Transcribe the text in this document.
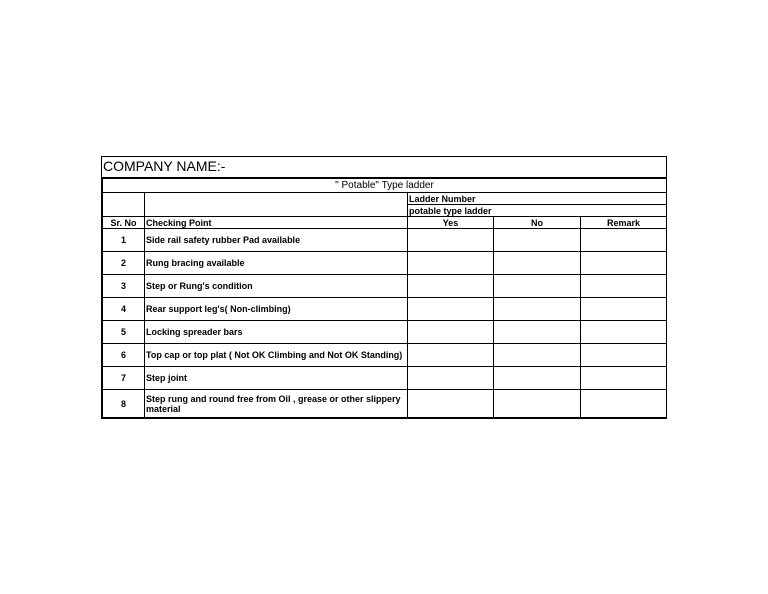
COMPANY NAME:-
" Potable" Type ladder				
		Ladder Number		
		potable type ladder		
Sr. No	Checking Point	Yes	No	Remark
1	Side rail safety rubber Pad available			
2	Rung bracing available			
3	Step or Rung's condition			
4	Rear support leg's( Non-climbing)			
5	Locking spreader bars			
6	Top cap or top plat ( Not OK Climbing and Not OK Standing)			
7	Step joint			
8	Step rung and round free from Oil , grease or other slippery material			
